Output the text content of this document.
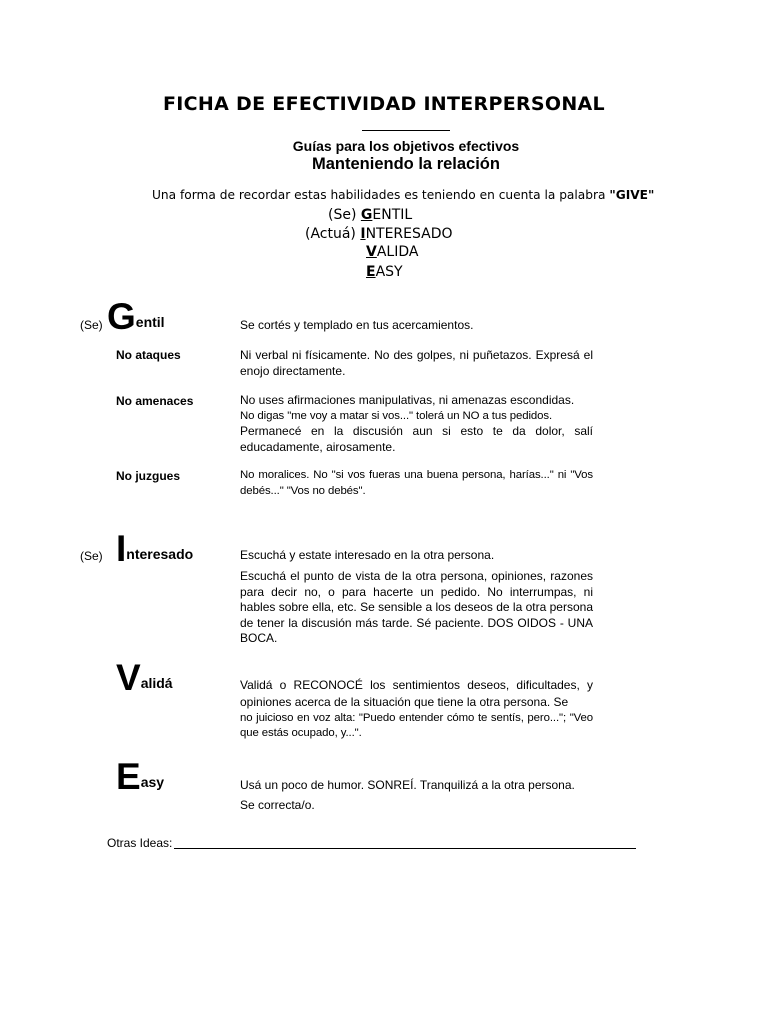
FICHA DE EFECTIVIDAD INTERPERSONAL
Guías para los objetivos efectivos
Manteniendo la relación
Una forma de recordar estas habilidades es teniendo en cuenta la palabra "GIVE"
(Se) GENTIL
(Actuá) INTERESADO
VALIDA
EASY
(Se) Gentil	Se cortés y templado en tus acercamientos.
No ataques	Ni verbal ni físicamente. No des golpes, ni puñetazos. Expresá el enojo directamente.
No amenaces	No uses afirmaciones manipulativas, ni amenazas escondidas.

No digas "me voy a matar si vos..." tolerá un NO a tus pedidos.

Permanecé en la discusión aun si esto te da dolor, salí educadamente, airosamente.

No juzgues	No moralices. No "si vos fueras una buena persona, harías..." ni "Vos debés..." "Vos no debés".
(Se) Interesado	Escuchá y estate interesado en la otra persona.
Escuchá el punto de vista de la otra persona, opiniones, razones para decir no, o para hacerte un pedido. No interrumpas, ni hables sobre ella, etc. Se sensible a los deseos de la otra persona de tener la discusión más tarde. Sé paciente. DOS OIDOS - UNA BOCA.
Validá	Validá o RECONOCÉ los sentimientos deseos, dificultades, y opiniones acerca de la situación que tiene la otra persona. Se

no juicioso en voz alta: "Puedo entender cómo te sentís, pero..."; "Veo que estás ocupado, y...".

Easy	Usá un poco de humor. SONREÍ. Tranquilizá a la otra persona.

Se correcta/o.

Otras Ideas:
